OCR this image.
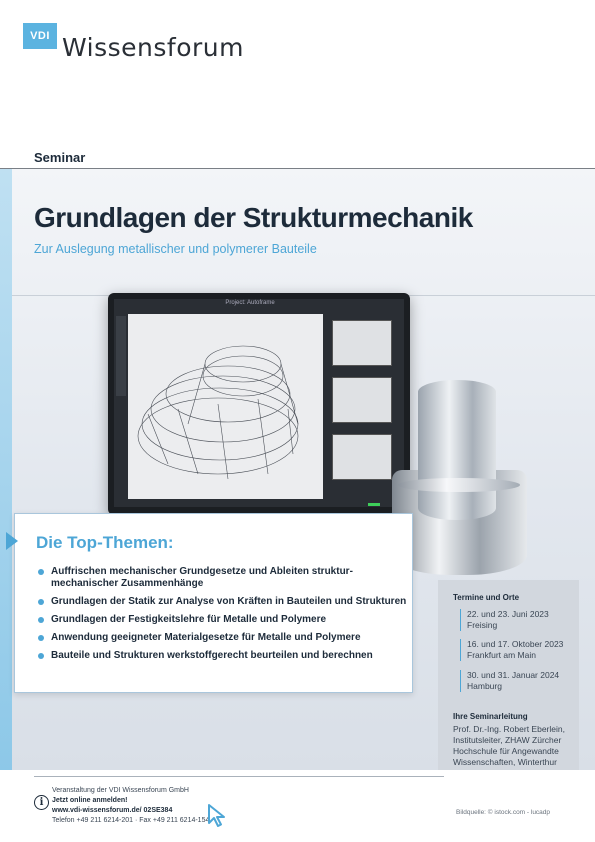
VDI Wissensforum
Seminar
Grundlagen der Strukturmechanik
Zur Auslegung metallischer und polymerer Bauteile
Project: Autoframe
Die Top-Themen:
Auffrischen mechanischer Grundgesetze und Ableiten struktur-mechanischer Zusammenhänge
Grundlagen der Statik zur Analyse von Kräften in Bauteilen und Strukturen
Grundlagen der Festigkeitslehre für Metalle und Polymere
Anwendung geeigneter Materialgesetze für Metalle und Polymere
Bauteile und Strukturen werkstoffgerecht beurteilen und berechnen
Termine und Orte
22. und 23. Juni 2023
Freising
16. und 17. Oktober 2023
Frankfurt am Main
30. und 31. Januar 2024
Hamburg
Ihre Seminarleitung
Prof. Dr.-Ing. Robert Eberlein, Institutsleiter, ZHAW Zürcher Hochschule für Angewandte Wissenschaften, Winterthur
i
Veranstaltung der VDI Wissensforum GmbH
Jetzt online anmelden!
www.vdi-wissensforum.de/ 02SE384
Telefon +49 211 6214-201 · Fax +49 211 6214-154
Bildquelle: © istock.com - lucadp
